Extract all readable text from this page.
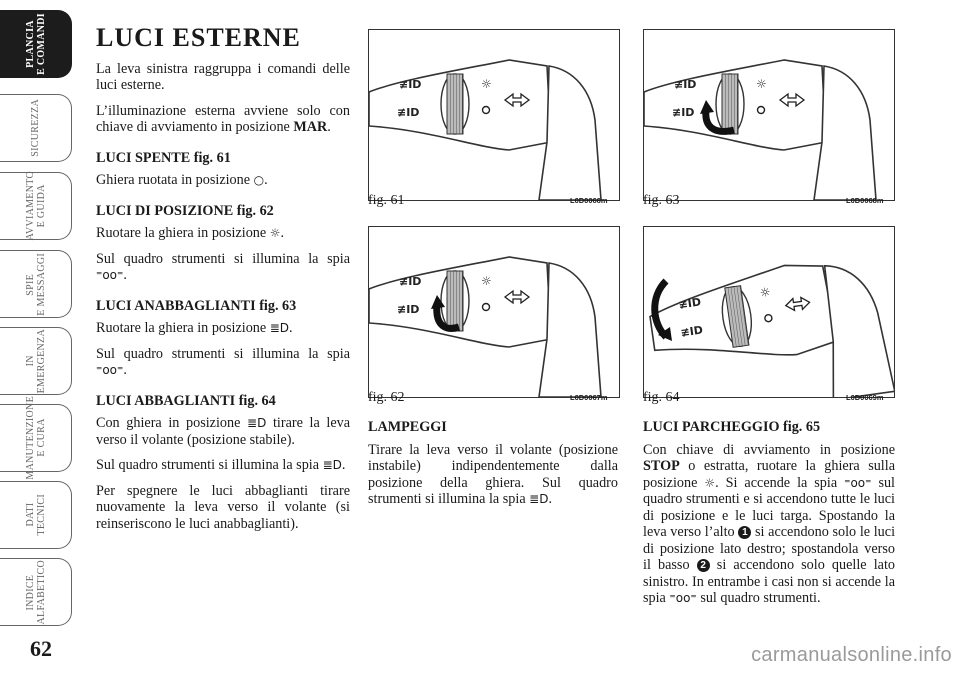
PLANCIA
E COMANDI
SICUREZZA
AVVIAMENTO
E GUIDA
SPIE
E MESSAGGI
IN
EMERGENZA
MANUTENZIONE
E CURA
DATI
TECNICI
INDICE
ALFABETICO
62
LUCI ESTERNE

La leva sinistra raggruppa i comandi delle luci esterne.

L’illuminazione esterna avviene solo con chiave di avviamento in posizione MAR.

LUCI SPENTE fig. 61

Ghiera ruotata in posizione ○.

LUCI DI POSIZIONE fig. 62

Ruotare la ghiera in posizione ☼.

Sul quadro strumenti si illumina la spia ⁼oo⁼.

LUCI ANABBAGLIANTI fig. 63

Ruotare la ghiera in posizione ≣D.

Sul quadro strumenti si illumina la spia ⁼oo⁼.

LUCI ABBAGLIANTI fig. 64

Con ghiera in posizione ≣D tirare la leva verso il volante (posizione stabile).

Sul quadro strumenti si illumina la spia ≣D.

Per spegnere le luci abbaglianti tirare nuovamente la leva verso il volante (si reinseriscono le luci anabbaglianti).

fig. 61	L0D0066m
fig. 62	L0D0067m
fig. 63	L0D0068m
fig. 64	L0D0069m
LAMPEGGI

Tirare la leva verso il volante (posizione instabile) indipendentemente dalla posizione della ghiera. Sul quadro strumenti si illumina la spia ≣D.

LUCI PARCHEGGIO fig. 65

Con chiave di avviamento in posizione STOP o estratta, ruotare la ghiera sulla posizione ☼. Si accende la spia ⁼oo⁼ sul quadro strumenti e si accendono tutte le luci di posizione e le luci targa. Spostando la leva verso l’alto 1 si accendono solo le luci di posizione lato destro; spostandola verso il basso 2 si accendono solo quelle lato sinistro. In entrambe i casi non si accende la spia ⁼oo⁼ sul quadro strumenti.

carmanualsonline.info
